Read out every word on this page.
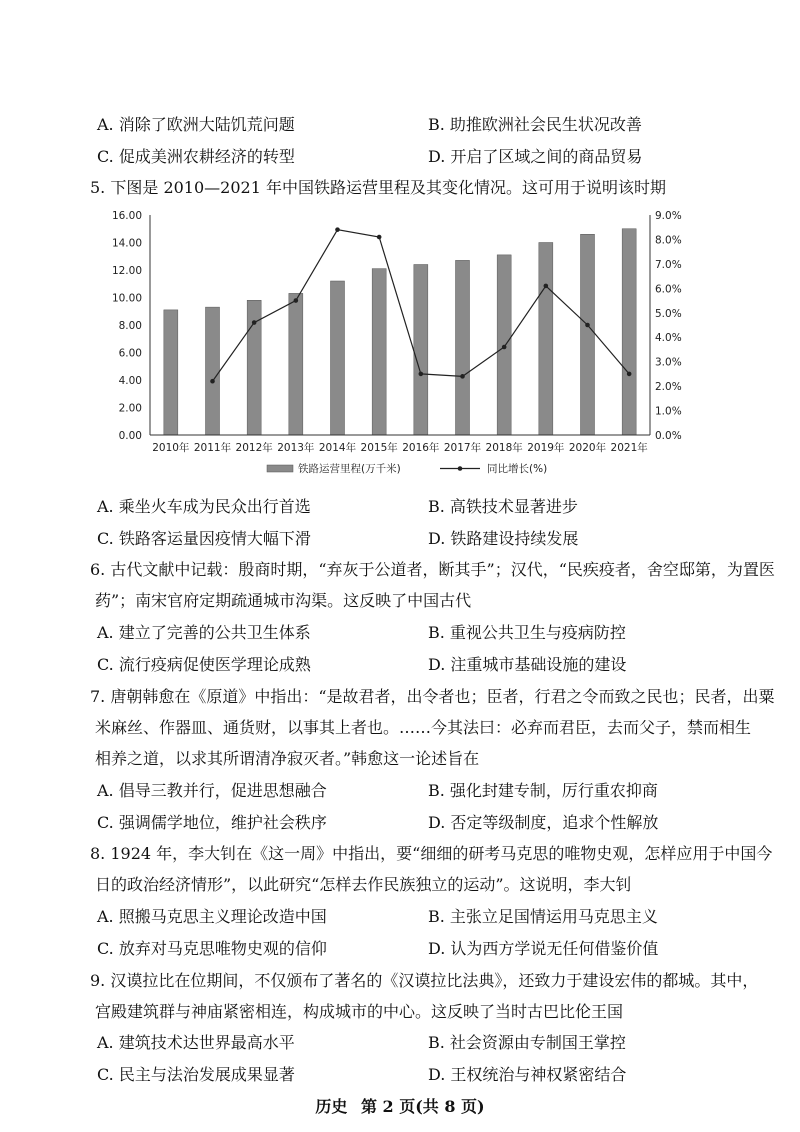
A. 消除了欧洲大陆饥荒问题	B. 助推欧洲社会民生状况改善
C. 促成美洲农耕经济的转型	D. 开启了区域之间的商品贸易
5. 下图是 2010—2021 年中国铁路运营里程及其变化情况。这可用于说明该时期
0.00
2.00
4.00
6.00
8.00
10.00
12.00
14.00
16.00
0.0%
1.0%
2.0%
3.0%
4.0%
5.0%
6.0%
7.0%
8.0%
9.0%
2010年 2011年 2012年 2013年 2014年 2015年 2016年 2017年 2018年 2019年 2020年 2021年
铁路运营里程(万千米)	同比增长(%)
A. 乘坐火车成为民众出行首选	B. 高铁技术显著进步
C. 铁路客运量因疫情大幅下滑	D. 铁路建设持续发展
6. 古代文献中记载：殷商时期，“弃灰于公道者，断其手”；汉代，“民疾疫者，舍空邸第，为置医
药”；南宋官府定期疏通城市沟渠。这反映了中国古代
A. 建立了完善的公共卫生体系	B. 重视公共卫生与疫病防控
C. 流行疫病促使医学理论成熟	D. 注重城市基础设施的建设
7. 唐朝韩愈在《原道》中指出：“是故君者，出令者也；臣者，行君之令而致之民也；民者，出粟
米麻丝、作器皿、通货财，以事其上者也。……今其法曰：必弃而君臣，去而父子，禁而相生
相养之道，以求其所谓清净寂灭者。”韩愈这一论述旨在
A. 倡导三教并行，促进思想融合	B. 强化封建专制，厉行重农抑商
C. 强调儒学地位，维护社会秩序	D. 否定等级制度，追求个性解放
8. 1924 年，李大钊在《这一周》中指出，要“细细的研考马克思的唯物史观，怎样应用于中国今
日的政治经济情形”，以此研究“怎样去作民族独立的运动”。这说明，李大钊
A. 照搬马克思主义理论改造中国	B. 主张立足国情运用马克思主义
C. 放弃对马克思唯物史观的信仰	D. 认为西方学说无任何借鉴价值
9. 汉谟拉比在位期间，不仅颁布了著名的《汉谟拉比法典》，还致力于建设宏伟的都城。其中，
宫殿建筑群与神庙紧密相连，构成城市的中心。这反映了当时古巴比伦王国
A. 建筑技术达世界最高水平	B. 社会资源由专制国王掌控
C. 民主与法治发展成果显著	D. 王权统治与神权紧密结合
历史 第 2 页(共 8 页)
